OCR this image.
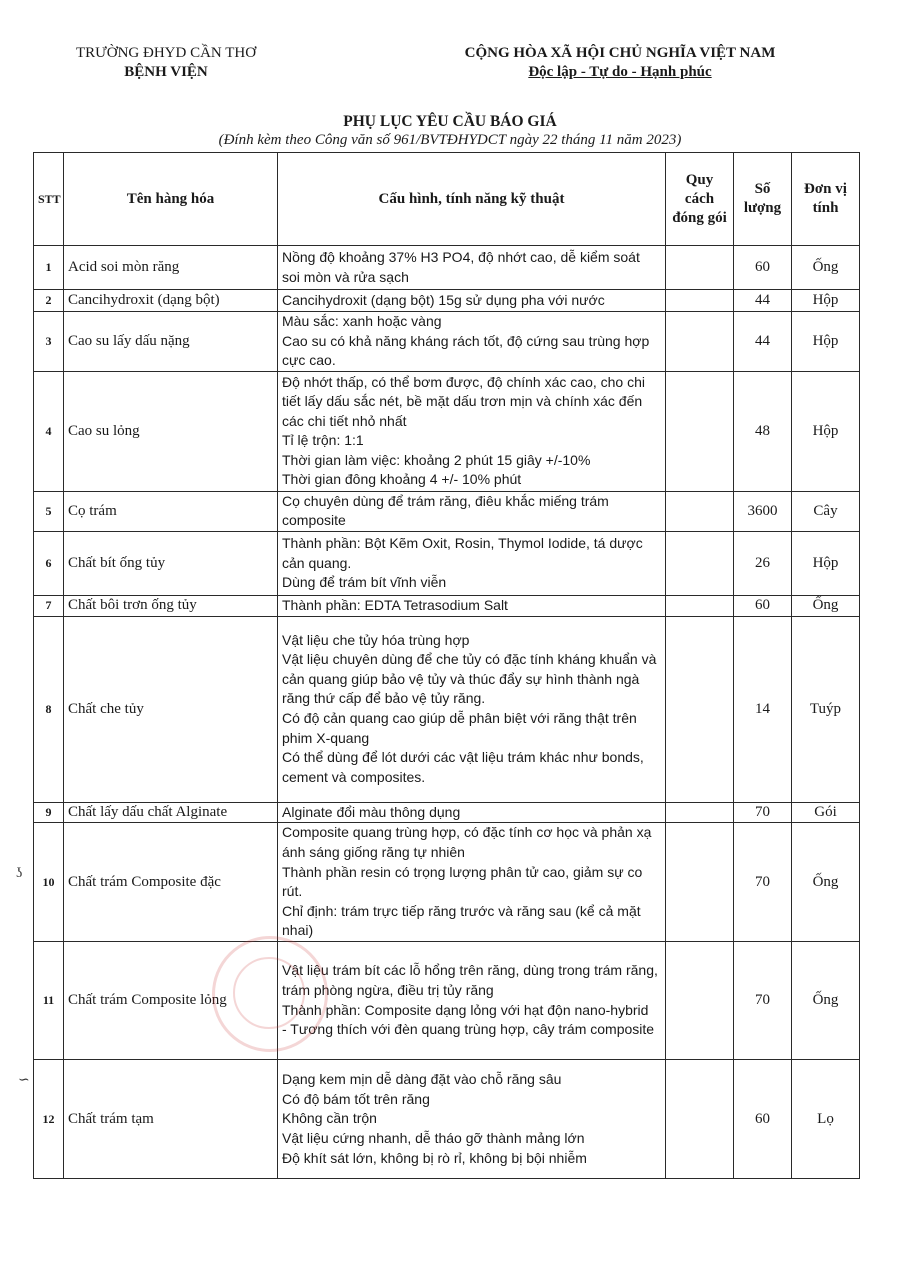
TRƯỜNG ĐHYD CẦN THƠ
BỆNH VIỆN
CỘNG HÒA XÃ HỘI CHỦ NGHĨA VIỆT NAM
Độc lập - Tự do - Hạnh phúc
PHỤ LỤC YÊU CẦU BÁO GIÁ
(Đính kèm theo Công văn số 961/BVTĐHYDCT ngày 22 tháng 11 năm 2023)
STT	Tên hàng hóa	Cấu hình, tính năng kỹ thuật	Quy cách đóng gói	Số lượng	Đơn vị tính
1	Acid soi mòn răng	Nồng độ khoảng 37% H3 PO4, độ nhớt cao, dễ kiểm soát soi mòn và rửa sạch		60	Ống
2	Cancihydroxit (dạng bột)	Cancihydroxit (dạng bột) 15g sử dụng pha với nước		44	Hộp
3	Cao su lấy dấu nặng	Màu sắc: xanh hoặc vàng
Cao su có khả năng kháng rách tốt, độ cứng sau trùng hợp cực cao.		44	Hộp
4	Cao su lỏng	Độ nhớt thấp, có thể bơm được, độ chính xác cao, cho chi tiết lấy dấu sắc nét, bề mặt dấu trơn mịn và chính xác đến các chi tiết nhỏ nhất
Tỉ lệ trộn: 1:1
Thời gian làm việc: khoảng 2 phút 15 giây +/-10%
Thời gian đông khoảng 4 +/- 10% phút		48	Hộp
5	Cọ trám	Cọ chuyên dùng để trám răng, điêu khắc miếng trám composite		3600	Cây
6	Chất bít ống tủy	Thành phần: Bột Kẽm Oxit, Rosin, Thymol Iodide, tá dược cản quang.
Dùng để trám bít vĩnh viễn		26	Hộp
7	Chất bôi trơn ống tủy	Thành phần: EDTA Tetrasodium Salt		60	Ống
8	Chất che tủy	Vật liệu che tủy hóa trùng hợp
Vật liệu chuyên dùng để che tủy có đặc tính kháng khuẩn và cản quang giúp bảo vệ tủy và thúc đẩy sự hình thành ngà răng thứ cấp để bảo vệ tủy răng.
Có độ cản quang cao giúp dễ phân biệt với răng thật trên phim X-quang
Có thể dùng để lót dưới các vật liệu trám khác như bonds, cement và composites.		14	Tuýp
9	Chất lấy dấu chất Alginate	Alginate đổi màu thông dụng		70	Gói
10	Chất trám Composite đặc	Composite quang trùng hợp, có đặc tính cơ học và phản xạ ánh sáng giống răng tự nhiên
Thành phần resin có trọng lượng phân tử cao, giảm sự co rút.
Chỉ định: trám trực tiếp răng trước và răng sau (kể cả mặt nhai)		70	Ống
11	Chất trám Composite lỏng	Vật liệu trám bít các lỗ hổng trên răng, dùng trong trám răng, trám phòng ngừa, điều trị tủy răng
Thành phần: Composite dạng lỏng với hạt độn nano-hybrid
- Tương thích với đèn quang trùng hợp, cây trám composite		70	Ống
12	Chất trám tạm	Dạng kem mịn dễ dàng đặt vào chỗ răng sâu
Có độ bám tốt trên răng
Không cần trộn
Vật liệu cứng nhanh, dễ tháo gỡ thành mảng lớn
Độ khít sát lớn, không bị rò rỉ, không bị bội nhiễm		60	Lọ
ʖ
∽
